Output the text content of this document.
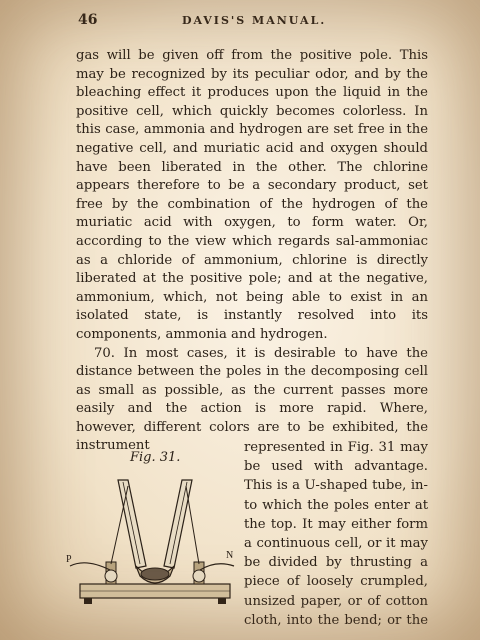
46	DAVIS'S MANUAL.

gas will be given off from the positive pole. This may be recognized by its peculiar odor, and by the bleaching effect it produces upon the liquid in the positive cell, which quickly becomes colorless. In this case, ammonia and hydrogen are set free in the negative cell, and muriatic acid and oxygen should have been liberated in the other. The chlorine appears therefore to be a secondary product, set free by the combination of the hydrogen of the muriatic acid with oxygen, to form water. Or, according to the view which regards sal-ammoniac as a chloride of ammonium, chlorine is directly liberated at the positive pole; and at the negative, ammonium, which, not being able to exist in an isolated state, is instantly resolved into its components, ammonia and hydrogen.

70. In most cases, it is desirable to have the distance between the poles in the decomposing cell as small as possible, as the current passes more easily and the action is more rapid. Where, however, different colors are to be exhibited, the instrument

Fig. 31.
P	N
represented in Fig. 31 may
be used with advantage.
This is a U-shaped tube, in-
to which the poles enter at
the top. It may either form
a continuous cell, or it may
be divided by thrusting a
piece of loosely crumpled,
unsized paper, or of cotton
cloth, into the bend; or the
